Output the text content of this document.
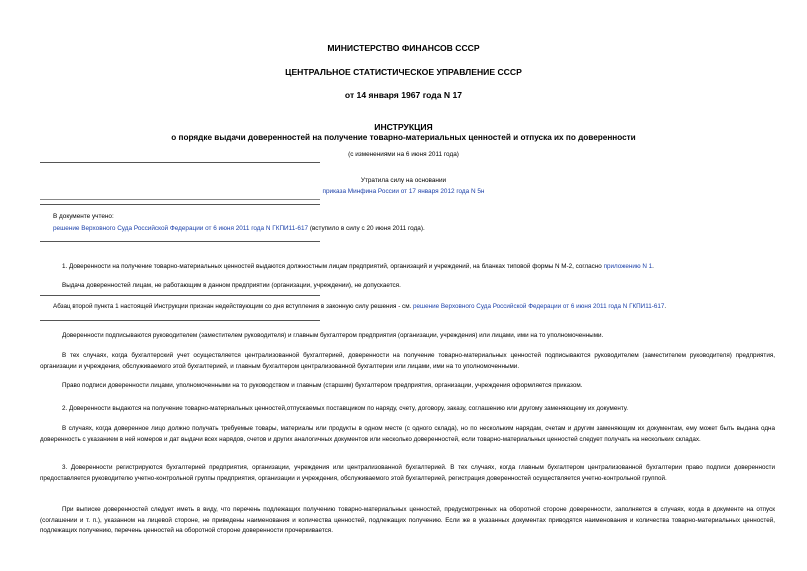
МИНИСТЕРСТВО ФИНАНСОВ СССР
ЦЕНТРАЛЬНОЕ СТАТИСТИЧЕСКОЕ УПРАВЛЕНИЕ СССР
от 14 января 1967 года N 17
ИНСТРУКЦИЯ
о порядке выдачи доверенностей на получение товарно-материальных ценностей и отпуска их по доверенности
(с изменениями на 6 июня 2011 года)
Утратила силу на основании
приказа Минфина России от 17 января 2012 года N 5н
В документе учтено:
решение Верховного Суда Российской Федерации от 6 июня 2011 года N ГКПИ11-617 (вступило в силу с 20 июня 2011 года).
1. Доверенности на получение товарно-материальных ценностей выдаются должностным лицам предприятий, организаций и учреждений, на бланках типовой формы N М-2, согласно приложению N 1.
Выдача доверенностей лицам, не работающим в данном предприятии (организации, учреждении), не допускается.
Абзац второй пункта 1 настоящей Инструкции признан недействующим со дня вступления в законную силу решения - см. решение Верховного Суда Российской Федерации от 6 июня 2011 года N ГКПИ11-617.
Доверенности подписываются руководителем (заместителем руководителя) и главным бухгалтером предприятия (организации, учреждения) или лицами, ими на то уполномоченными.
В тех случаях, когда бухгалтерский учет осуществляется централизованной бухгалтерией, доверенности на получение товарно-материальных ценностей подписываются руководителем (заместителем руководителя) предприятия, организации и учреждения, обслуживаемого этой бухгалтерией, и главным бухгалтером централизованной бухгалтерии или лицами, ими на то уполномоченными.
Право подписи доверенности лицами, уполномоченными на то руководством и главным (старшим) бухгалтером предприятия, организации, учреждения оформляется приказом.
2. Доверенности выдаются на получение товарно-материальных ценностей,отпускаемых поставщиком по наряду, счету, договору, заказу, соглашению или другому заменяющему их документу.
В случаях, когда доверенное лицо должно получать требуемые товары, материалы или продукты в одном месте (с одного склада), но по нескольким нарядам, счетам и другим заменяющим их документам, ему может быть выдана одна доверенность с указанием в ней номеров и дат выдачи всех нарядов, счетов и других аналогичных документов или несколько доверенностей, если товарно-материальных ценностей следует получать на нескольких складах.
3. Доверенности регистрируются бухгалтерией предприятия, организации, учреждения или централизованной бухгалтерией. В тех случаях, когда главным бухгалтером централизованной бухгалтерии право подписи доверенности предоставляется руководителю учетно-контрольной группы предприятия, организации и учреждения, обслуживаемого этой бухгалтерией, регистрация доверенностей осуществляется учетно-контрольной группой.
При выписке доверенностей следует иметь в виду, что перечень подлежащих получению товарно-материальных ценностей, предусмотренных на оборотной стороне доверенности, заполняется в случаях, когда в документе на отпуск (соглашении и т. п.), указанном на лицевой стороне, не приведены наименования и количества ценностей, подлежащих получению. Если же в указанных документах приводятся наименования и количества товарно-материальных ценностей, подлежащих получению, перечень ценностей на оборотной стороне доверенности прочеркивается.
